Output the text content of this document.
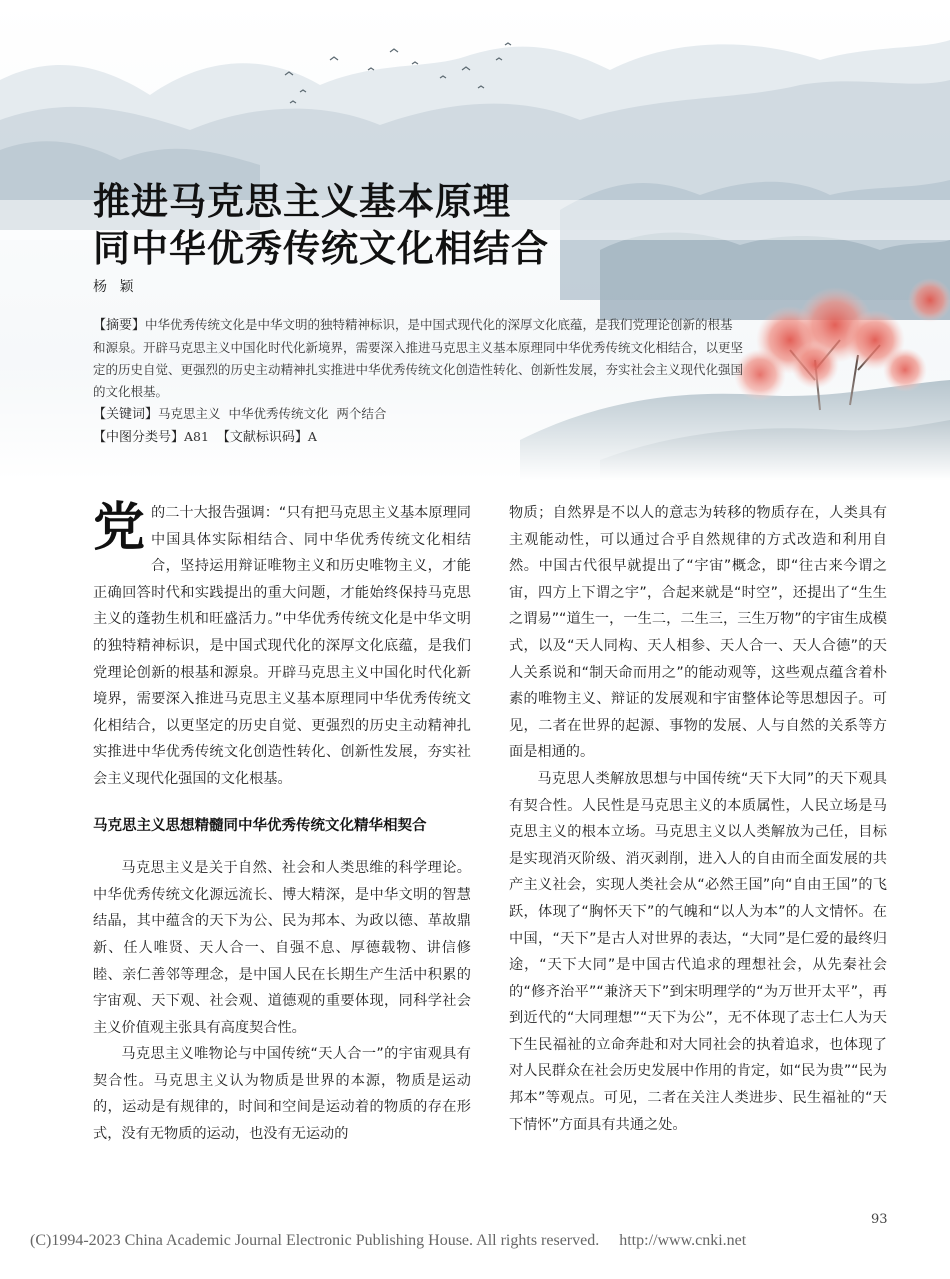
推进马克思主义基本原理
同中华优秀传统文化相结合
杨 颖

【摘要】中华优秀传统文化是中华文明的独特精神标识，是中国式现代化的深厚文化底蕴，是我们党理论创新的根基和源泉。开辟马克思主义中国化时代化新境界，需要深入推进马克思主义基本原理同中华优秀传统文化相结合，以更坚定的历史自觉、更强烈的历史主动精神扎实推进中华优秀传统文化创造性转化、创新性发展，夯实社会主义现代化强国的文化根基。

【关键词】马克思主义  中华优秀传统文化  两个结合

【中图分类号】A81 【文献标识码】A

党的二十大报告强调：“只有把马克思主义基本原理同中国具体实际相结合、同中华优秀传统文化相结合，坚持运用辩证唯物主义和历史唯物主义，才能正确回答时代和实践提出的重大问题，才能始终保持马克思主义的蓬勃生机和旺盛活力。”中华优秀传统文化是中华文明的独特精神标识，是中国式现代化的深厚文化底蕴，是我们党理论创新的根基和源泉。开辟马克思主义中国化时代化新境界，需要深入推进马克思主义基本原理同中华优秀传统文化相结合，以更坚定的历史自觉、更强烈的历史主动精神扎实推进中华优秀传统文化创造性转化、创新性发展，夯实社会主义现代化强国的文化根基。

马克思主义思想精髓同中华优秀传统文化精华相契合

马克思主义是关于自然、社会和人类思维的科学理论。中华优秀传统文化源远流长、博大精深，是中华文明的智慧结晶，其中蕴含的天下为公、民为邦本、为政以德、革故鼎新、任人唯贤、天人合一、自强不息、厚德载物、讲信修睦、亲仁善邻等理念，是中国人民在长期生产生活中积累的宇宙观、天下观、社会观、道德观的重要体现，同科学社会主义价值观主张具有高度契合性。

马克思主义唯物论与中国传统“天人合一”的宇宙观具有契合性。马克思主义认为物质是世界的本源，物质是运动的，运动是有规律的，时间和空间是运动着的物质的存在形式，没有无物质的运动，也没有无运动的

物质；自然界是不以人的意志为转移的物质存在，人类具有主观能动性，可以通过合乎自然规律的方式改造和利用自然。中国古代很早就提出了“宇宙”概念，即“往古来今谓之宙，四方上下谓之宇”，合起来就是“时空”，还提出了“生生之谓易”“道生一，一生二，二生三，三生万物”的宇宙生成模式，以及“天人同构、天人相参、天人合一、天人合德”的天人关系说和“制天命而用之”的能动观等，这些观点蕴含着朴素的唯物主义、辩证的发展观和宇宙整体论等思想因子。可见，二者在世界的起源、事物的发展、人与自然的关系等方面是相通的。

马克思人类解放思想与中国传统“天下大同”的天下观具有契合性。人民性是马克思主义的本质属性，人民立场是马克思主义的根本立场。马克思主义以人类解放为己任，目标是实现消灭阶级、消灭剥削，进入人的自由而全面发展的共产主义社会，实现人类社会从“必然王国”向“自由王国”的飞跃，体现了“胸怀天下”的气魄和“以人为本”的人文情怀。在中国，“天下”是古人对世界的表达，“大同”是仁爱的最终归途，“天下大同”是中国古代追求的理想社会，从先秦社会的“修齐治平”“兼济天下”到宋明理学的“为万世开太平”，再到近代的“大同理想”“天下为公”，无不体现了志士仁人为天下生民福祉的立命奔赴和对大同社会的执着追求，也体现了对人民群众在社会历史发展中作用的肯定，如“民为贵”“民为邦本”等观点。可见，二者在关注人类进步、民生福祉的“天下情怀”方面具有共通之处。

93
(C)1994-2023 China Academic Journal Electronic Publishing House. All rights reserved. http://www.cnki.net
